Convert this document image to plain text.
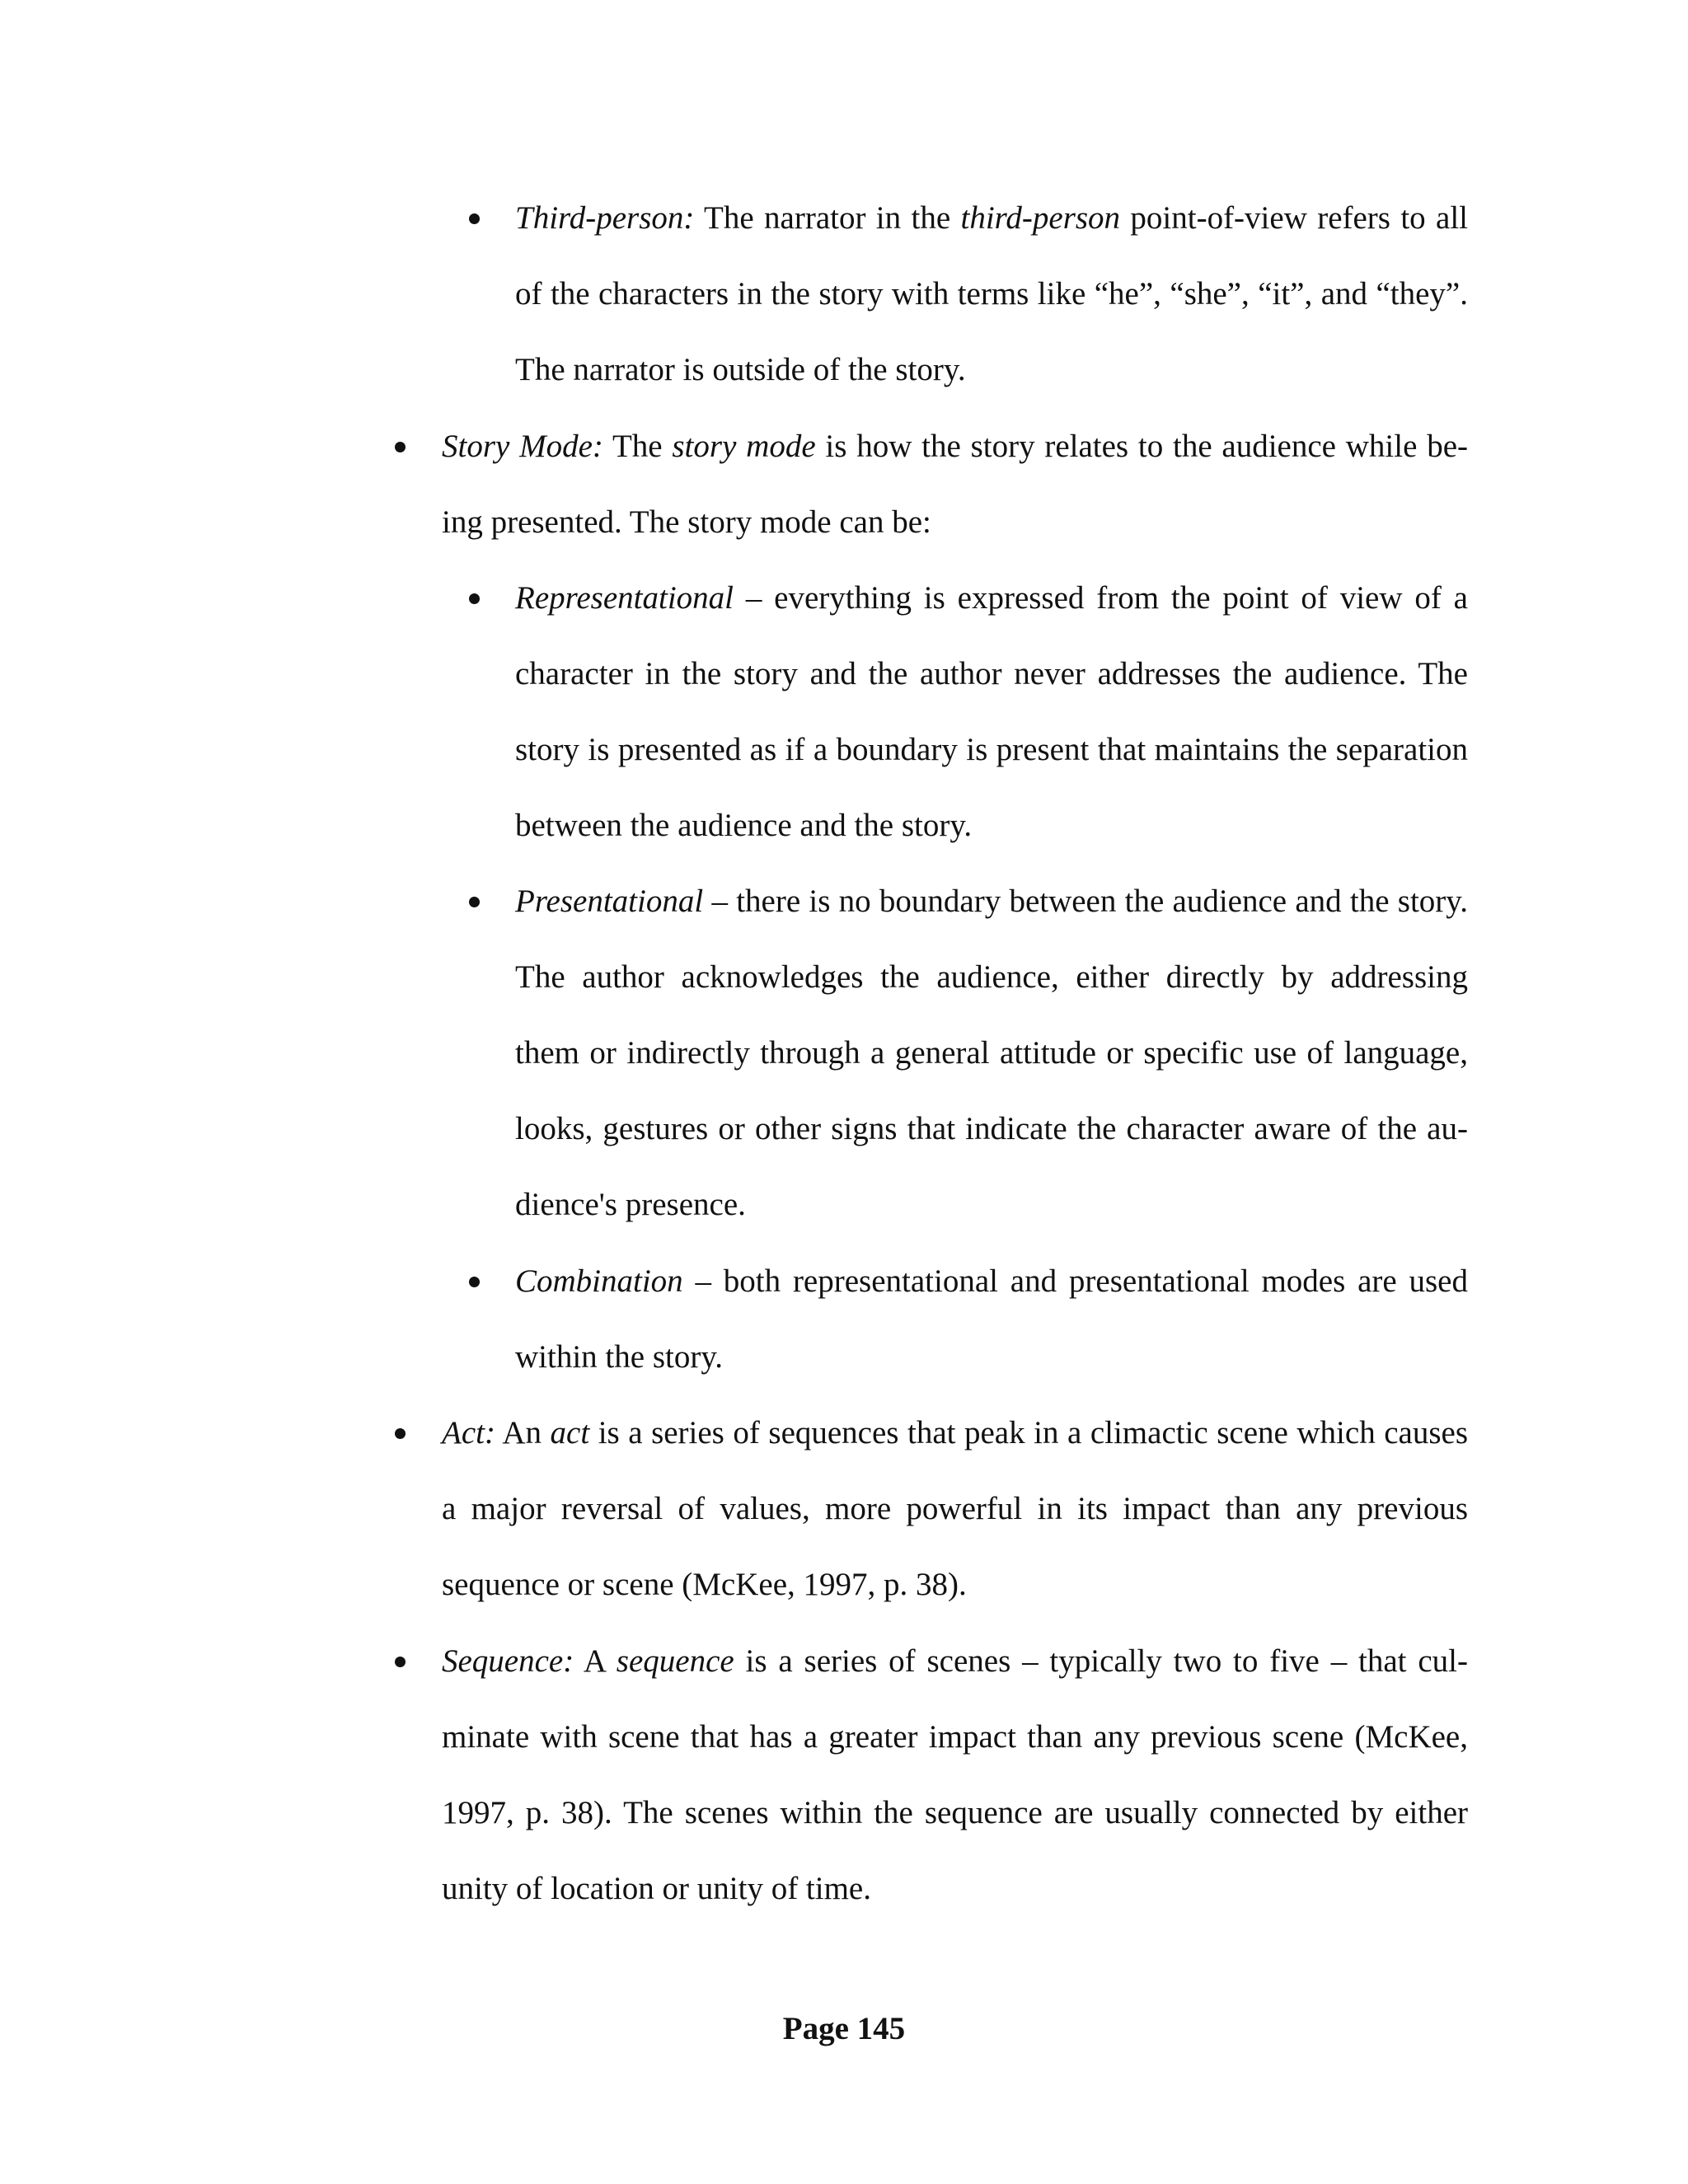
Third-person: The narrator in the third-person point-of-view refers to all of the characters in the story with terms like “he”, “she”, “it”, and “they”. The narrator is outside of the story.
Story Mode: The story mode is how the story relates to the audience while being presented. The story mode can be:
Representational – everything is expressed from the point of view of a character in the story and the author never addresses the audience. The story is presented as if a boundary is present that maintains the separation between the audience and the story.
Presentational – there is no boundary between the audience and the story. The author acknowledges the audience, either directly by addressing them or indirectly through a general attitude or specific use of language, looks, gestures or other signs that indicate the character aware of the audience's presence.
Combination – both representational and presentational modes are used within the story.
Act: An act is a series of sequences that peak in a climactic scene which causes a major reversal of values, more powerful in its impact than any previous sequence or scene (McKee, 1997, p. 38).
Sequence: A sequence is a series of scenes – typically two to five – that culminate with scene that has a greater impact than any previous scene (McKee, 1997, p. 38). The scenes within the sequence are usually connected by either unity of location or unity of time.
Page 145
